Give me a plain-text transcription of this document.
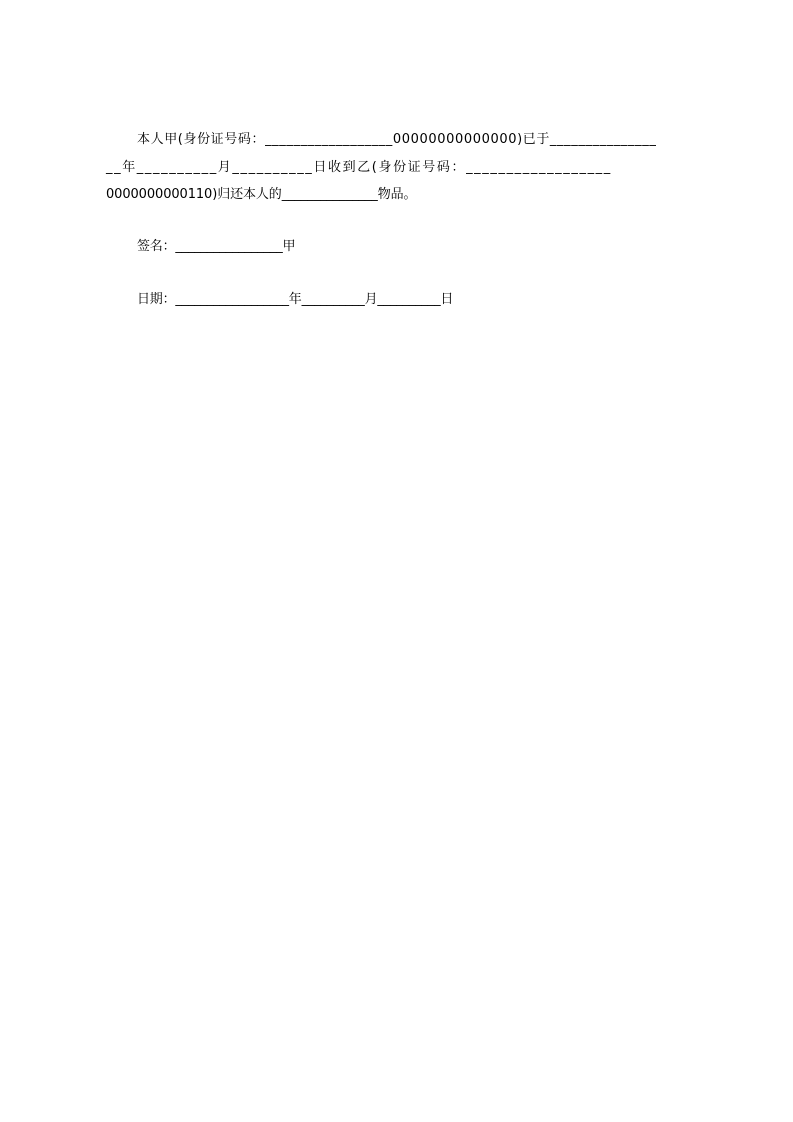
本人甲(身份证号码：__________________00000000000000)已于_______________
__年__________月__________日收到乙(身份证号码：__________________
0000000000110)归还本人的_______________物品。
签名：_________________甲
日期：__________________年__________月__________日
